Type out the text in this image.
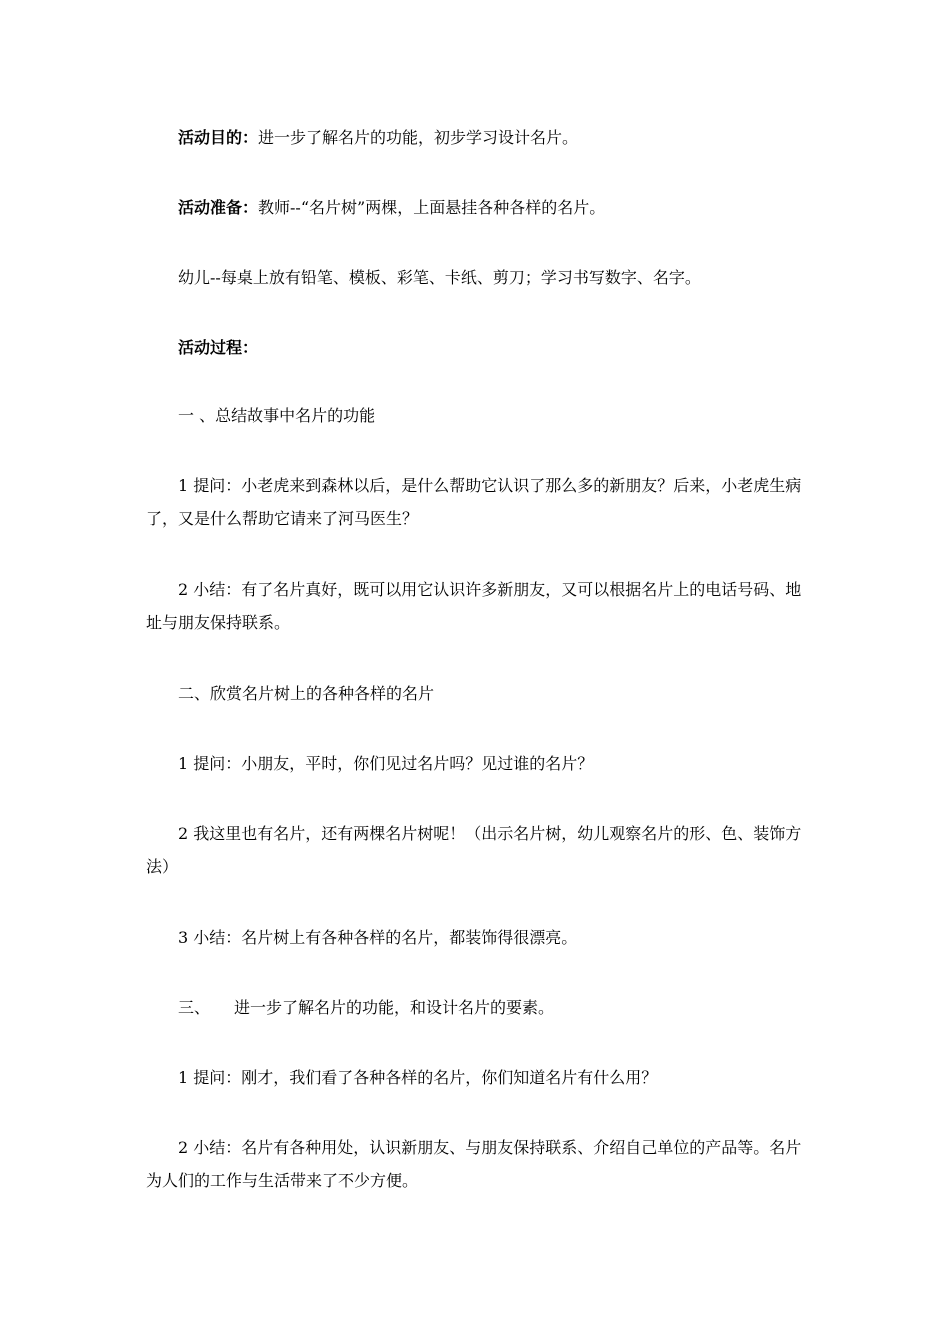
活动目的：进一步了解名片的功能，初步学习设计名片。

活动准备：教师--“名片树”两棵，上面悬挂各种各样的名片。

幼儿--每桌上放有铅笔、模板、彩笔、卡纸、剪刀；学习书写数字、名字。

活动过程：

一 、总结故事中名片的功能

1 提问：小老虎来到森林以后，是什么帮助它认识了那么多的新朋友？后来，小老虎生病了，又是什么帮助它请来了河马医生？

2 小结：有了名片真好，既可以用它认识许多新朋友，又可以根据名片上的电话号码、地址与朋友保持联系。

二、欣赏名片树上的各种各样的名片

1 提问：小朋友，平时，你们见过名片吗？见过谁的名片？

2 我这里也有名片，还有两棵名片树呢！（出示名片树，幼儿观察名片的形、色、装饰方法）

3 小结：名片树上有各种各样的名片，都装饰得很漂亮。

三、 进一步了解名片的功能，和设计名片的要素。

1 提问：刚才，我们看了各种各样的名片，你们知道名片有什么用？

2 小结：名片有各种用处，认识新朋友、与朋友保持联系、介绍自己单位的产品等。名片为人们的工作与生活带来了不少方便。
